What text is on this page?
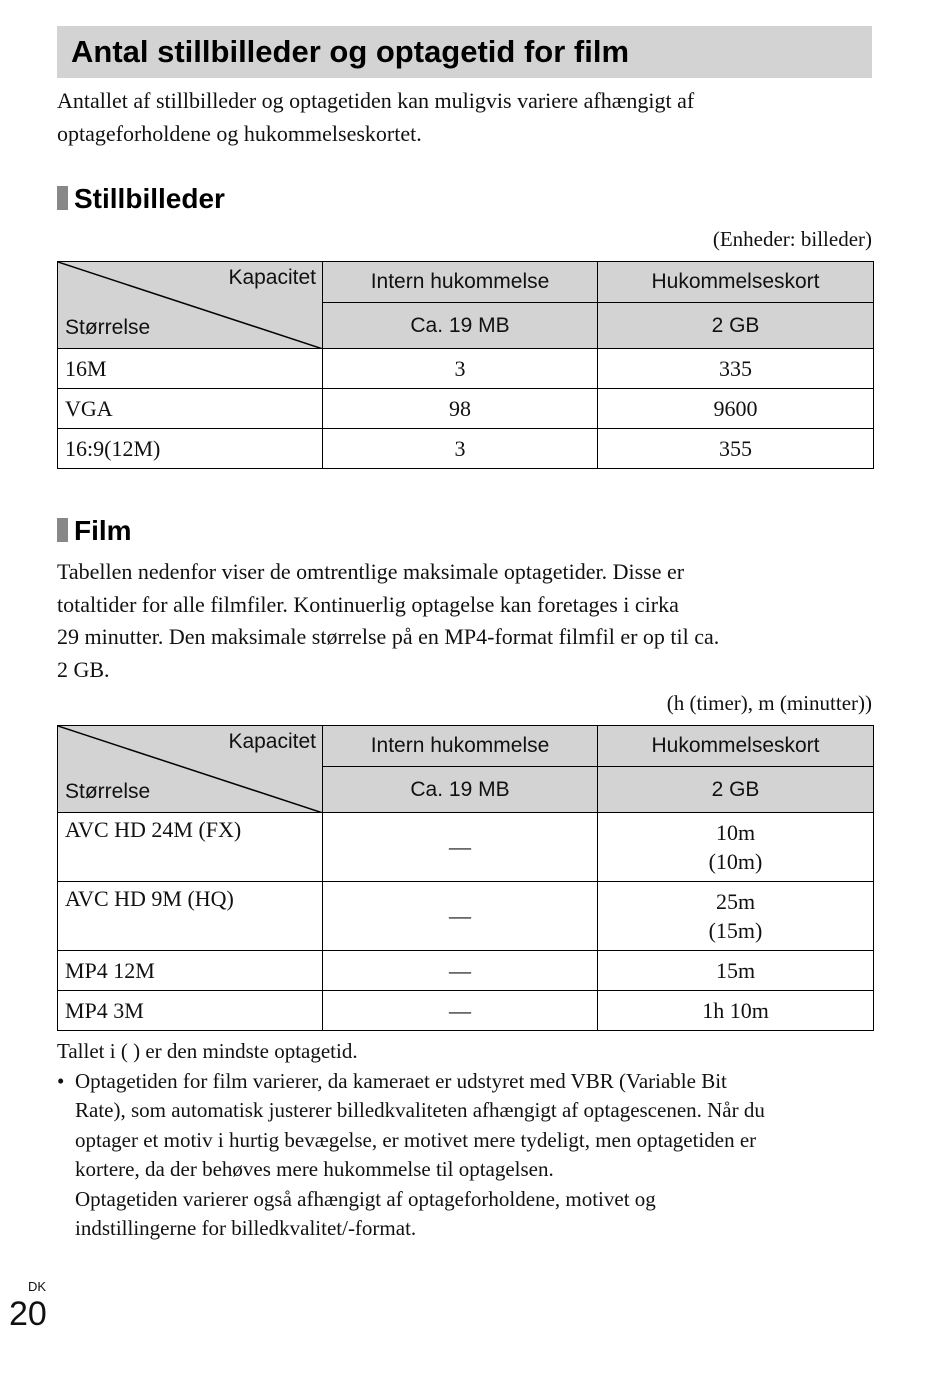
Antal stillbilleder og optagetid for film

Antallet af stillbilleder og optagetiden kan muligvis variere afhængigt af
optageforholdene og hukommelseskortet.

Stillbilleder
(Enheder: billeder)
Kapacitet
Størrelse	Intern hukommelse	Hukommelseskort
	Ca. 19 MB	2 GB
16M	3	335
VGA	98	9600
16:9(12M)	3	355
Film

Tabellen nedenfor viser de omtrentlige maksimale optagetider. Disse er
totaltider for alle filmfiler. Kontinuerlig optagelse kan foretages i cirka
29 minutter. Den maksimale størrelse på en MP4-format filmfil er op til ca.
2 GB.

(h (timer), m (minutter))
Kapacitet
Størrelse	Intern hukommelse	Hukommelseskort
	Ca. 19 MB	2 GB
AVC HD 24M (FX)	—	10m
(10m)

AVC HD 9M (HQ)	—	25m
(15m)

MP4 12M	—	15m
MP4 3M	—	1h 10m
Tallet i ( ) er den mindste optagetid.
• Optagetiden for film varierer, da kameraet er udstyret med VBR (Variable Bit
Rate), som automatisk justerer billedkvaliteten afhængigt af optagescenen. Når du
optager et motiv i hurtig bevægelse, er motivet mere tydeligt, men optagetiden er
kortere, da der behøves mere hukommelse til optagelsen.
Optagetiden varierer også afhængigt af optageforholdene, motivet og
indstillingerne for billedkvalitet/-format.
DK
20
